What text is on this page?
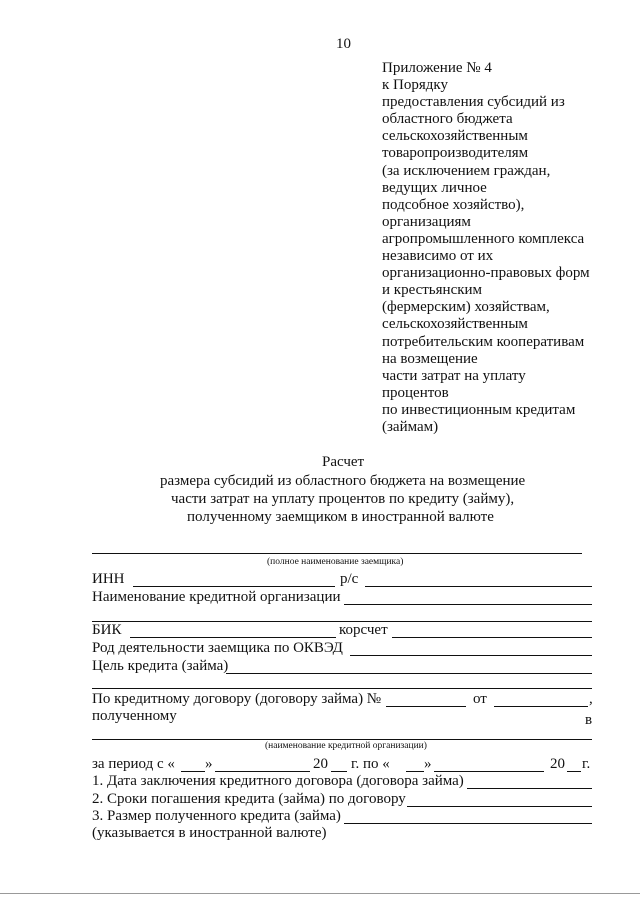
10
Приложение № 4
к Порядку
предоставления субсидий из
областного бюджета
сельскохозяйственным
товаропроизводителям
(за исключением граждан,
ведущих личное
подсобное хозяйство),
организациям
агропромышленного комплекса
независимо от их
организационно-правовых форм
и крестьянским
(фермерским) хозяйствам,
сельскохозяйственным
потребительским кооперативам
на возмещение
части затрат на уплату
процентов
по инвестиционным кредитам
(займам)
Расчет
размера субсидий из областного бюджета на возмещение
части затрат на уплату процентов по кредиту (займу),
полученному заемщиком в иностранной валюте
(полное наименование заемщика)
ИНН	р/с
Наименование кредитной организации
БИК	корсчет
Род деятельности заемщика по ОКВЭД
Цель кредита (займа)
По кредитному договору (договору займа) №	от	,
полученному	в
(наименование кредитной организации)
за период с « »	20 г. по « »	20 г.
1. Дата заключения кредитного договора (договора займа)
2. Сроки погашения кредита (займа) по договору
3. Размер полученного кредита (займа)
(указывается в иностранной валюте)
